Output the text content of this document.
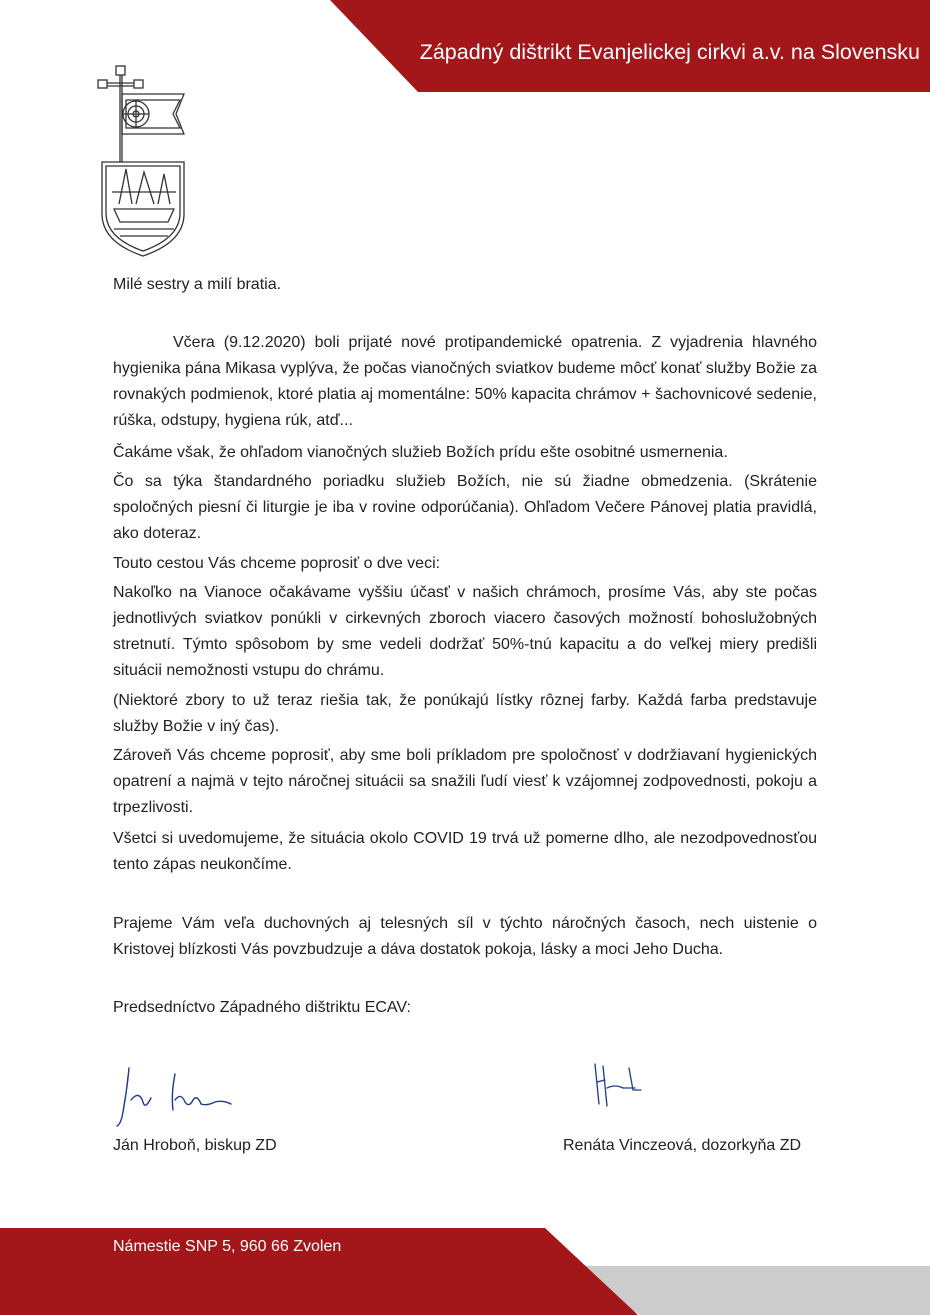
Západný dištrikt Evanjelickej cirkvi a.v. na Slovensku

Milé sestry a milí bratia.

Včera (9.12.2020) boli prijaté nové protipandemické opatrenia. Z vyjadrenia hlavného hygienika pána Mikasa vyplýva, že počas vianočných sviatkov budeme môcť konať služby Božie za rovnakých podmienok, ktoré platia aj momentálne: 50% kapacita chrámov + šachovnicové sedenie, rúška, odstupy, hygiena rúk, atď...

Čakáme však, že ohľadom vianočných služieb Božích prídu ešte osobitné usmernenia.

Čo sa týka štandardného poriadku služieb Božích, nie sú žiadne obmedzenia. (Skrátenie spoločných piesní či liturgie je iba v rovine odporúčania). Ohľadom Večere Pánovej platia pravidlá, ako doteraz.

Touto cestou Vás chceme poprosiť o dve veci:

Nakoľko na Vianoce očakávame vyššiu účasť v našich chrámoch, prosíme Vás, aby ste počas jednotlivých sviatkov ponúkli v cirkevných zboroch viacero časových možností bohoslužobných stretnutí. Týmto spôsobom by sme vedeli dodržať 50%-tnú kapacitu a do veľkej miery predišli situácii nemožnosti vstupu do chrámu.

(Niektoré zbory to už teraz riešia tak, že ponúkajú lístky rôznej farby. Každá farba predstavuje služby Božie v iný čas).

Zároveň Vás chceme poprosiť, aby sme boli príkladom pre spoločnosť v dodržiavaní hygienických opatrení a najmä v tejto náročnej situácii sa snažili ľudí viesť k vzájomnej zodpovednosti, pokoju a trpezlivosti.

Všetci si uvedomujeme, že situácia okolo COVID 19 trvá už pomerne dlho, ale nezodpovednosťou tento zápas neukončíme.

Prajeme Vám veľa duchovných aj telesných síl v týchto náročných časoch, nech uistenie o Kristovej blízkosti Vás povzbudzuje a dáva dostatok pokoja, lásky a moci Jeho Ducha.

Predsedníctvo Západného dištriktu ECAV:

Ján Hroboň, biskup ZD	Renáta Vinczeová, dozorkyňa ZD
Námestie SNP 5, 960 66 Zvolen
